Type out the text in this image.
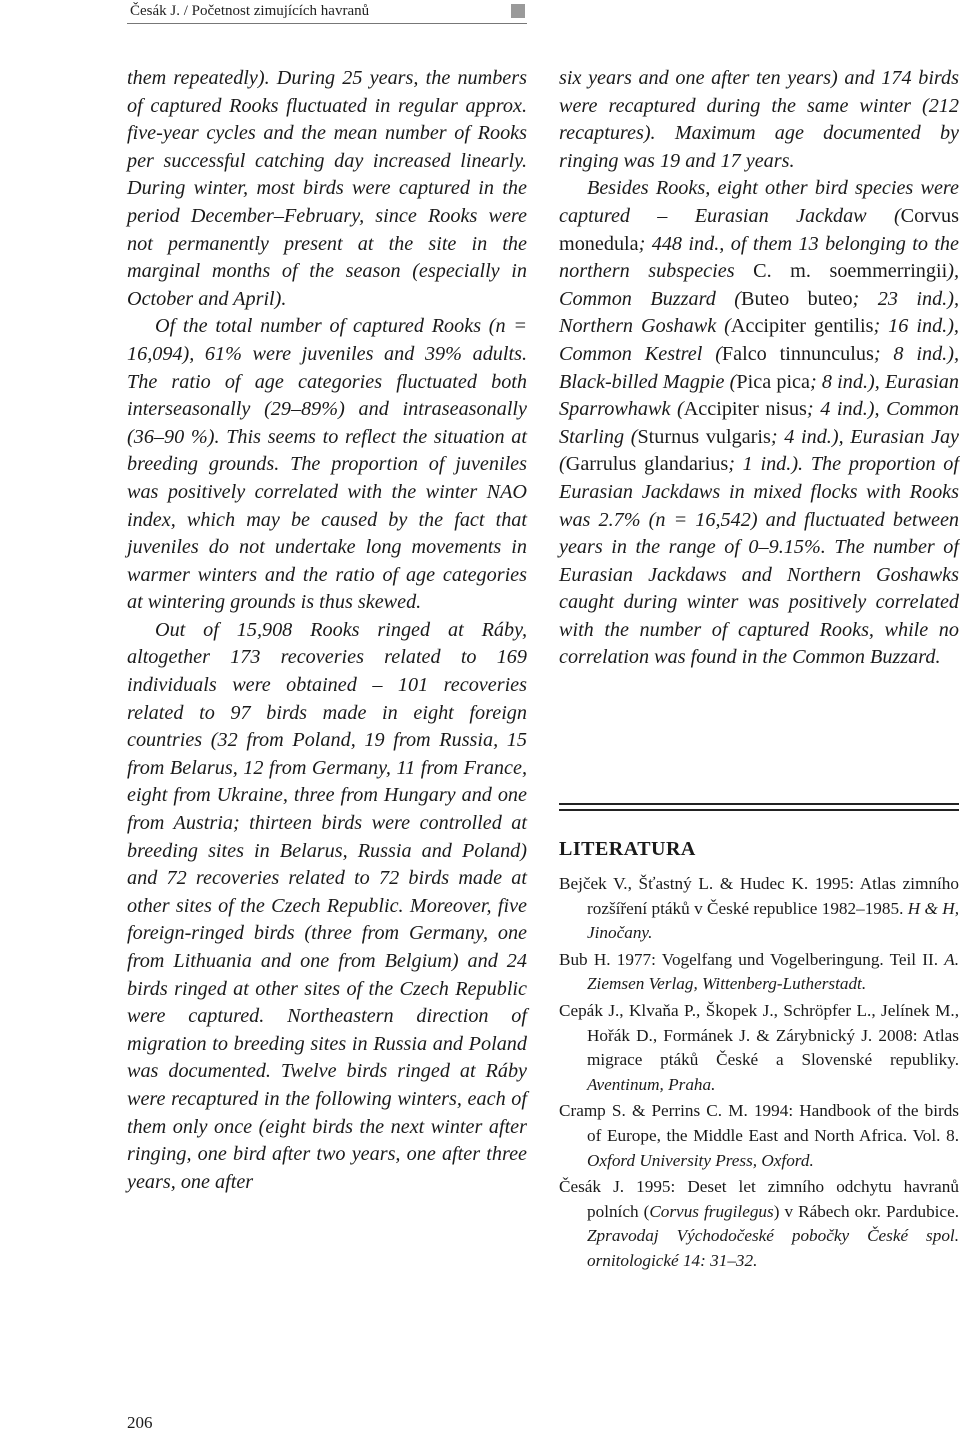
Česák J. / Početnost zimujících havranů

them repeatedly). During 25 years, the numbers of captured Rooks fluctuated in regular approx. five-year cycles and the mean number of Rooks per successful catching day increased linearly. During winter, most birds were captured in the period December–February, since Rooks were not permanently present at the site in the marginal months of the season (especially in October and April).

Of the total number of captured Rooks (n = 16,094), 61% were juveniles and 39% adults. The ratio of age categories fluctuated both interseasonally (29–89%) and intraseasonally (36–90 %). This seems to reflect the situation at breeding grounds. The proportion of juveniles was positively correlated with the winter NAO index, which may be caused by the fact that juveniles do not undertake long movements in warmer winters and the ratio of age categories at wintering grounds is thus skewed.

Out of 15,908 Rooks ringed at Ráby, altogether 173 recoveries related to 169 individuals were obtained – 101 recoveries related to 97 birds made in eight foreign countries (32 from Poland, 19 from Russia, 15 from Belarus, 12 from Germany, 11 from France, eight from Ukraine, three from Hungary and one from Austria; thirteen birds were controlled at breeding sites in Belarus, Russia and Poland) and 72 recoveries related to 72 birds made at other sites of the Czech Republic. Moreover, five foreign-ringed birds (three from Germany, one from Lithuania and one from Belgium) and 24 birds ringed at other sites of the Czech Republic were captured. Northeastern direction of migration to breeding sites in Russia and Poland was documented. Twelve birds ringed at Ráby were recaptured in the following winters, each of them only once (eight birds the next winter after ringing, one bird after two years, one after three years, one after

six years and one after ten years) and 174 birds were recaptured during the same winter (212 recaptures). Maximum age documented by ringing was 19 and 17 years.

Besides Rooks, eight other bird species were captured – Eurasian Jackdaw (Corvus monedula; 448 ind., of them 13 belonging to the northern subspecies C. m. soemmerringii), Common Buzzard (Buteo buteo; 23 ind.), Northern Goshawk (Accipiter gentilis; 16 ind.), Common Kestrel (Falco tinnunculus; 8 ind.), Black-billed Magpie (Pica pica; 8 ind.), Eurasian Sparrowhawk (Accipiter nisus; 4 ind.), Common Starling (Sturnus vulgaris; 4 ind.), Eurasian Jay (Garrulus glandarius; 1 ind.). The proportion of Eurasian Jackdaws in mixed flocks with Rooks was 2.7% (n = 16,542) and fluctuated between years in the range of 0–9.15%. The number of Eurasian Jackdaws and Northern Goshawks caught during winter was positively correlated with the number of captured Rooks, while no correlation was found in the Common Buzzard.

LITERATURA
Bejček V., Šťastný L. & Hudec K. 1995: Atlas zimního rozšíření ptáků v České republice 1982–1985. H & H, Jinočany.
Bub H. 1977: Vogelfang und Vogelberingung. Teil II. A. Ziemsen Verlag, Wittenberg-Lutherstadt.
Cepák J., Klvaňa P., Škopek J., Schröpfer L., Jelínek M., Hořák D., Formánek J. & Zárybnický J. 2008: Atlas migrace ptáků České a Slovenské republiky. Aventinum, Praha.
Cramp S. & Perrins C. M. 1994: Handbook of the birds of Europe, the Middle East and North Africa. Vol. 8. Oxford University Press, Oxford.
Česák J. 1995: Deset let zimního odchytu havranů polních (Corvus frugilegus) v Rábech okr. Pardubice. Zpravodaj Východočeské pobočky České spol. ornitologické 14: 31–32.
206
